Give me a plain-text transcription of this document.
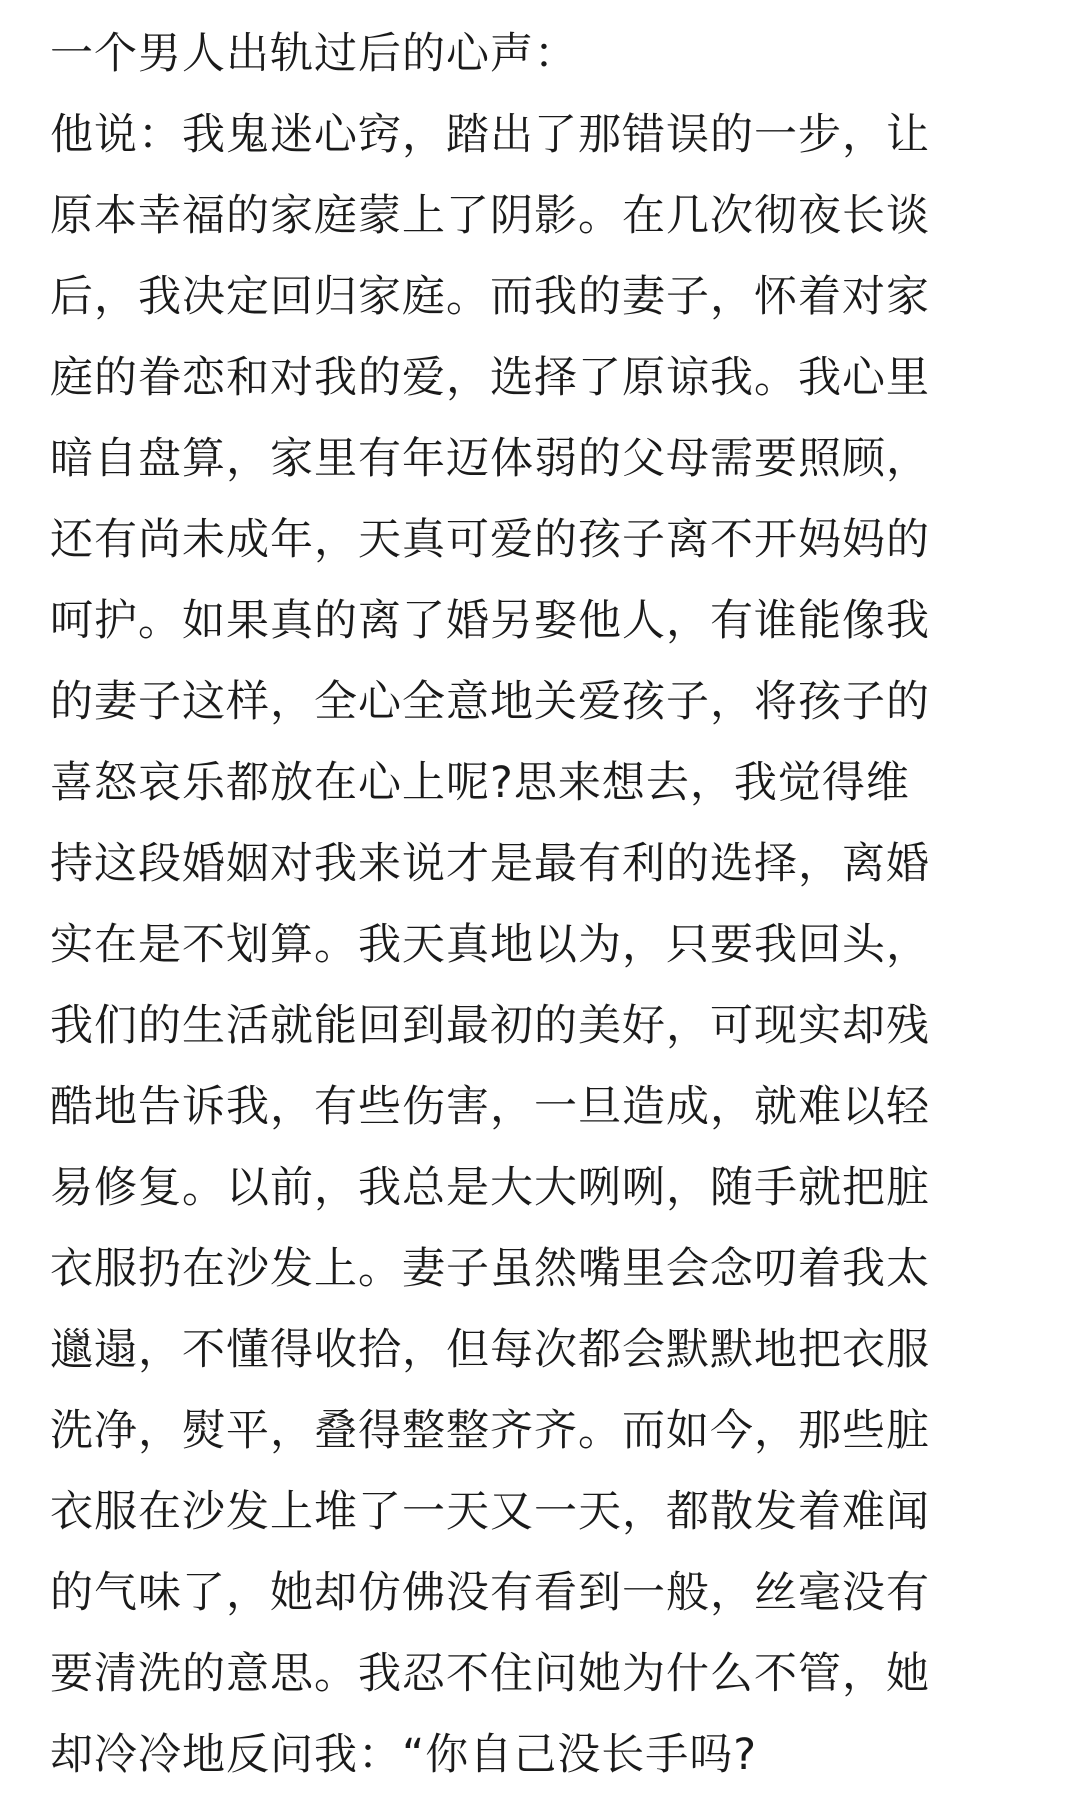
一个男人出轨过后的心声：
他说：我鬼迷心窍，踏出了那错误的一步，让
原本幸福的家庭蒙上了阴影。在几次彻夜长谈
后，我决定回归家庭。而我的妻子，怀着对家
庭的眷恋和对我的爱，选择了原谅我。我心里
暗自盘算，家里有年迈体弱的父母需要照顾，
还有尚未成年，天真可爱的孩子离不开妈妈的
呵护。如果真的离了婚另娶他人，有谁能像我
的妻子这样，全心全意地关爱孩子，将孩子的
喜怒哀乐都放在心上呢?思来想去，我觉得维
持这段婚姻对我来说才是最有利的选择，离婚
实在是不划算。我天真地以为，只要我回头，
我们的生活就能回到最初的美好，可现实却残
酷地告诉我，有些伤害，一旦造成，就难以轻
易修复。以前，我总是大大咧咧，随手就把脏
衣服扔在沙发上。妻子虽然嘴里会念叨着我太
邋遢，不懂得收拾，但每次都会默默地把衣服
洗净，熨平，叠得整整齐齐。而如今，那些脏
衣服在沙发上堆了一天又一天，都散发着难闻
的气味了，她却仿佛没有看到一般，丝毫没有
要清洗的意思。我忍不住问她为什么不管，她
却冷冷地反问我：“你自己没长手吗?
